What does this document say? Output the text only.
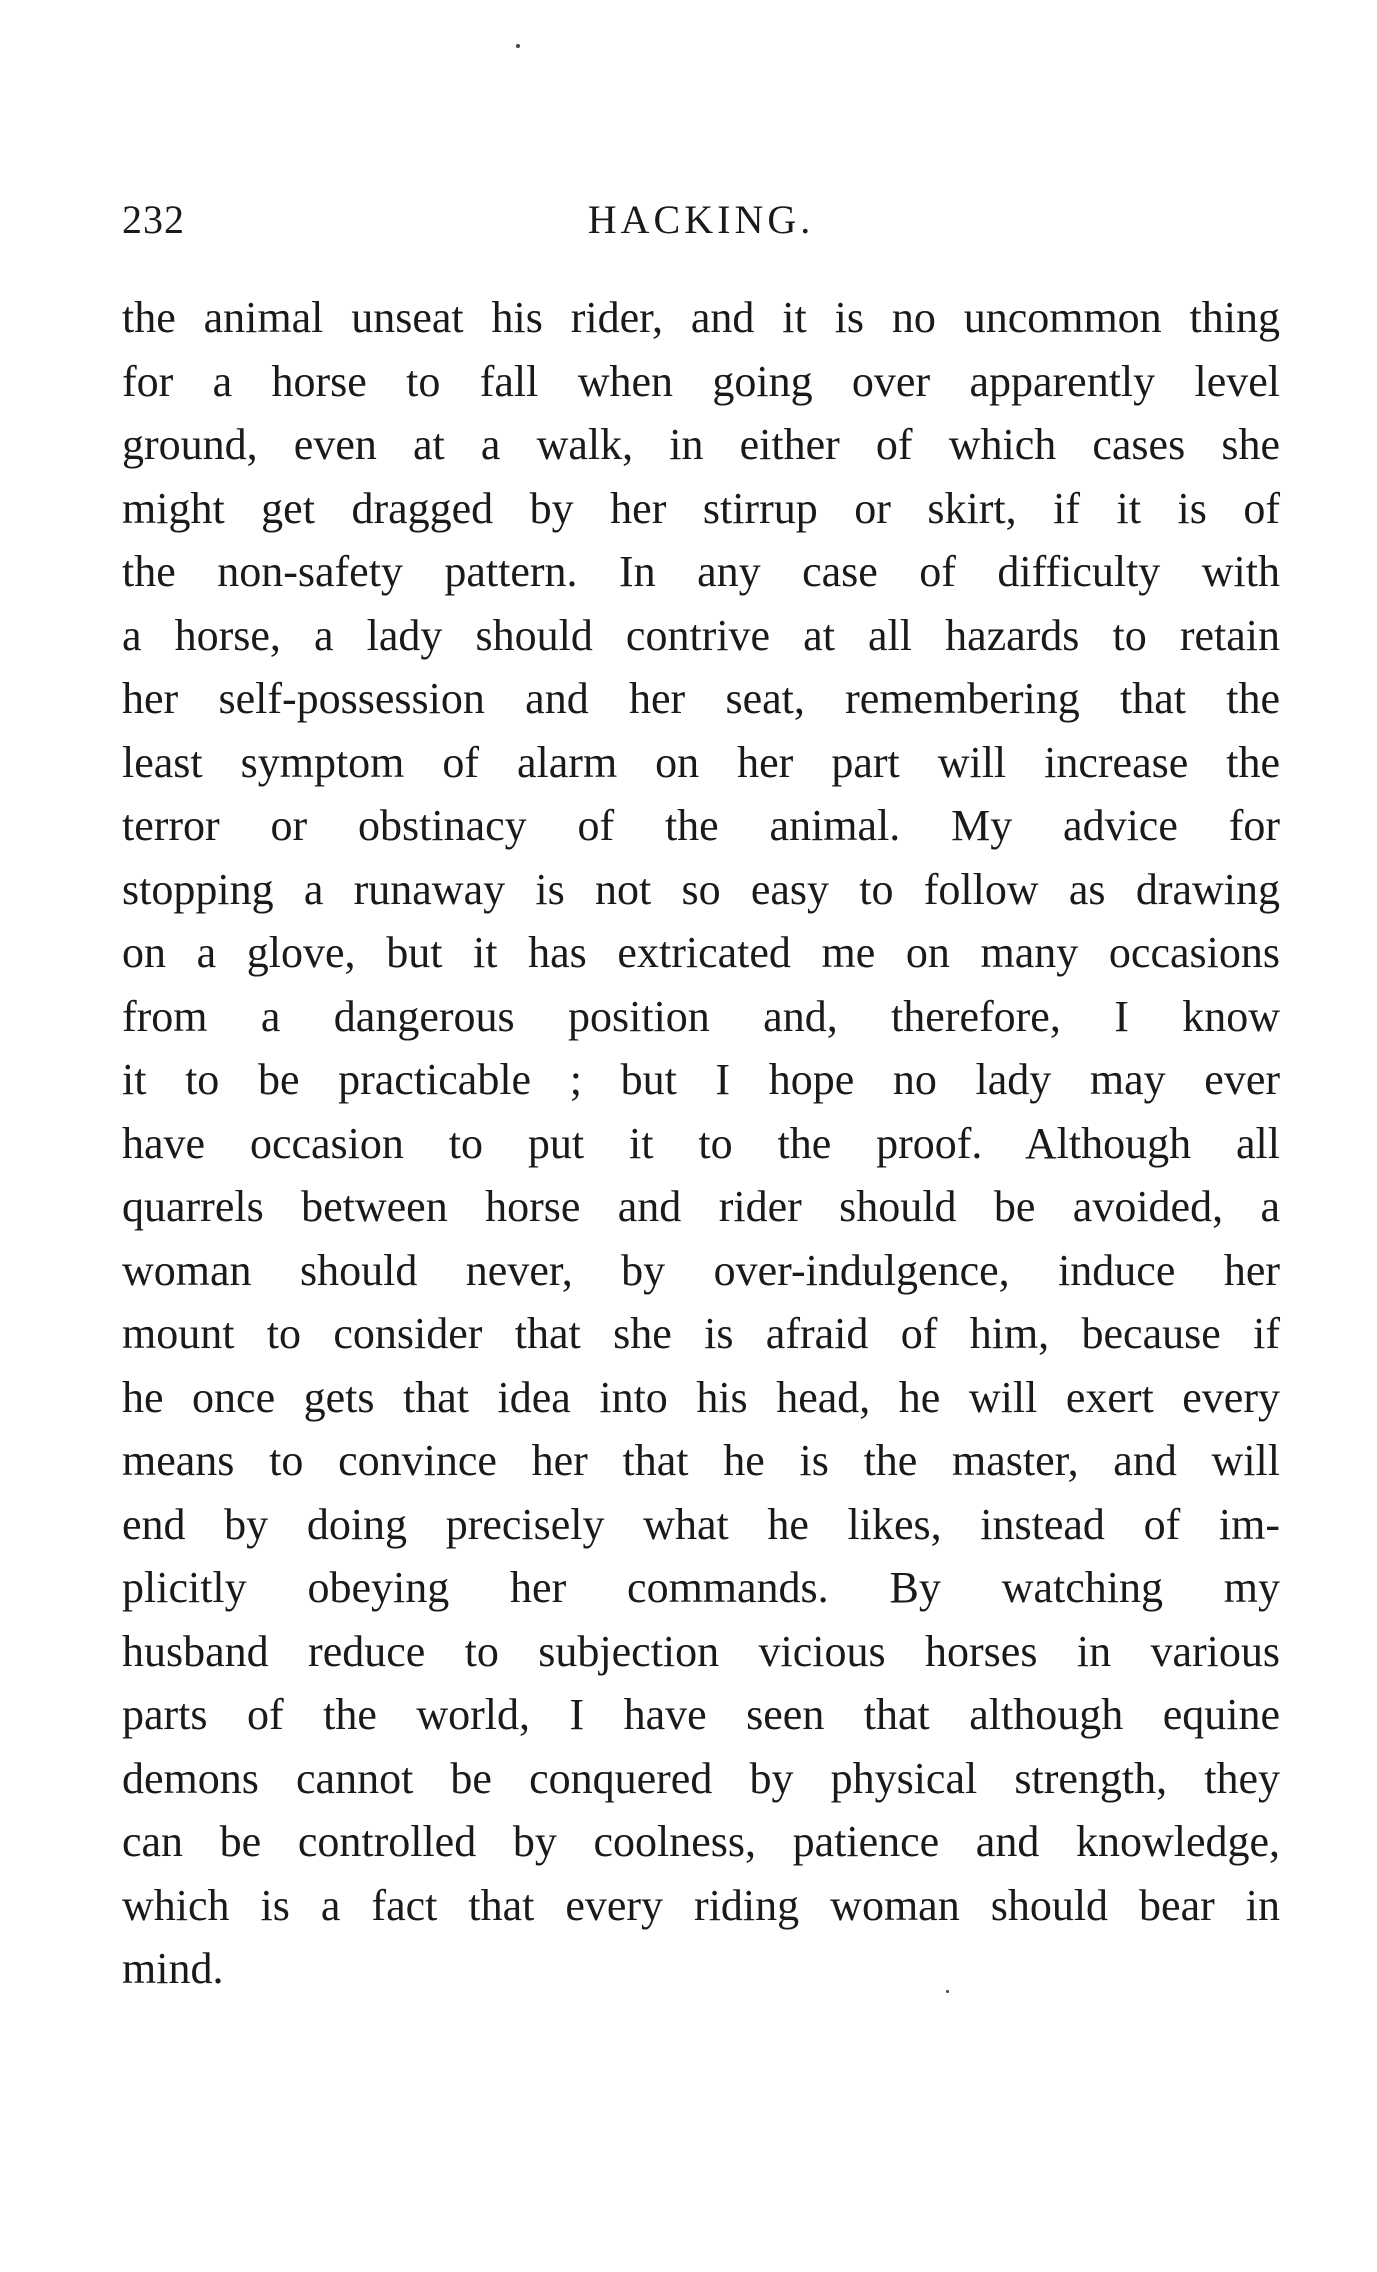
232	HACKING.
the animal unseat his rider, and it is no uncommon thing
for a horse to fall when going over apparently level
ground, even at a walk, in either of which cases she
might get dragged by her stirrup or skirt, if it is of
the non-safety pattern. In any case of difficulty with
a horse, a lady should contrive at all hazards to retain
her self-possession and her seat, remembering that the
least symptom of alarm on her part will increase the
terror or obstinacy of the animal. My advice for
stopping a runaway is not so easy to follow as drawing
on a glove, but it has extricated me on many occasions
from a dangerous position and, therefore, I know
it to be practicable ; but I hope no lady may ever
have occasion to put it to the proof. Although all
quarrels between horse and rider should be avoided, a
woman should never, by over-indulgence, induce her
mount to consider that she is afraid of him, because if
he once gets that idea into his head, he will exert every
means to convince her that he is the master, and will
end by doing precisely what he likes, instead of im-
plicitly obeying her commands. By watching my
husband reduce to subjection vicious horses in various
parts of the world, I have seen that although equine
demons cannot be conquered by physical strength, they
can be controlled by coolness, patience and knowledge,
which is a fact that every riding woman should bear in
mind.
